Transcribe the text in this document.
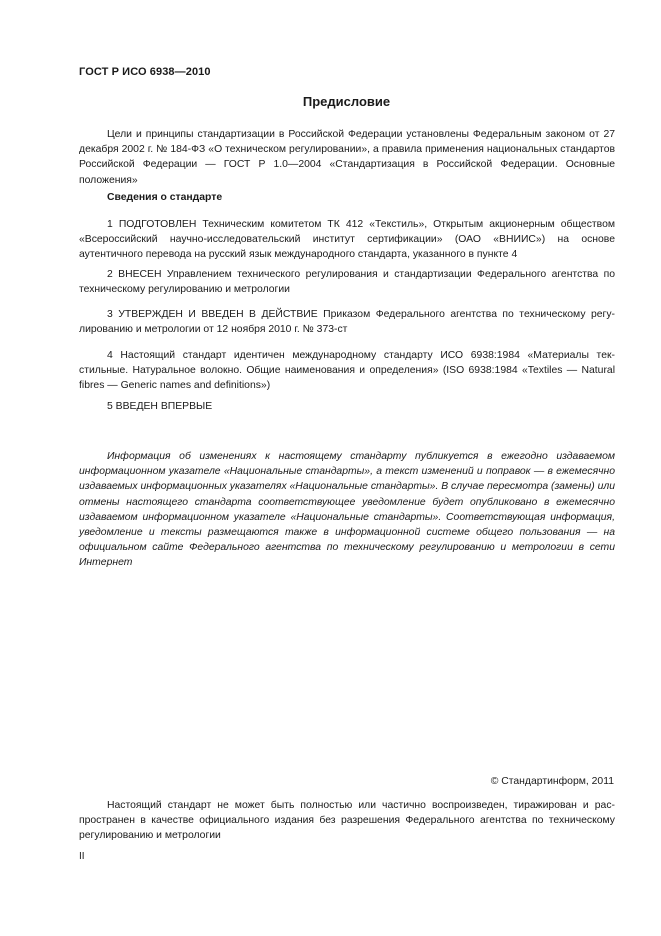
ГОСТ Р ИСО 6938—2010
Предисловие

Цели и принципы стандартизации в Российской Федерации установлены Федеральным законом от 27 декабря 2002 г. № 184-ФЗ «О техническом регулировании», а правила применения национальных стандартов Российской Федерации — ГОСТ Р 1.0—2004 «Стандартизация в Российской Федерации. Основные положения»

Сведения о стандарте

1 ПОДГОТОВЛЕН Техническим комитетом ТК 412 «Текстиль», Открытым акционерным обществом «Всероссийский научно-исследовательский институт сертификации» (ОАО «ВНИИС») на основе аутентичного перевода на русский язык международного стандарта, указанного в пункте 4

2 ВНЕСЕН Управлением технического регулирования и стандартизации Федерального агентства по техническому регулированию и метрологии

3 УТВЕРЖДЕН И ВВЕДЕН В ДЕЙСТВИЕ Приказом Федерального агентства по техническому регулированию и метрологии от 12 ноября 2010 г. № 373-ст

4 Настоящий стандарт идентичен международному стандарту ИСО 6938:1984 «Материалы текстильные. Натуральное волокно. Общие наименования и определения» (ISO 6938:1984 «Textiles — Natural fibres — Generic names and definitions»)

5 ВВЕДЕН ВПЕРВЫЕ

Информация об изменениях к настоящему стандарту публикуется в ежегодно издаваемом информационном указателе «Национальные стандарты», а текст изменений и поправок — в ежемесячно издаваемых информационных указателях «Национальные стандарты». В случае пересмотра (замены) или отмены настоящего стандарта соответствующее уведомление будет опубликовано в ежемесячно издаваемом информационном указателе «Национальные стандарты». Соответствующая информация, уведомление и тексты размещаются также в информационной системе общего пользования — на официальном сайте Федерального агентства по техническому регулированию и метрологии в сети Интернет

© Стандартинформ, 2011

Настоящий стандарт не может быть полностью или частично воспроизведен, тиражирован и распространен в качестве официального издания без разрешения Федерального агентства по техническому регулированию и метрологии

II
